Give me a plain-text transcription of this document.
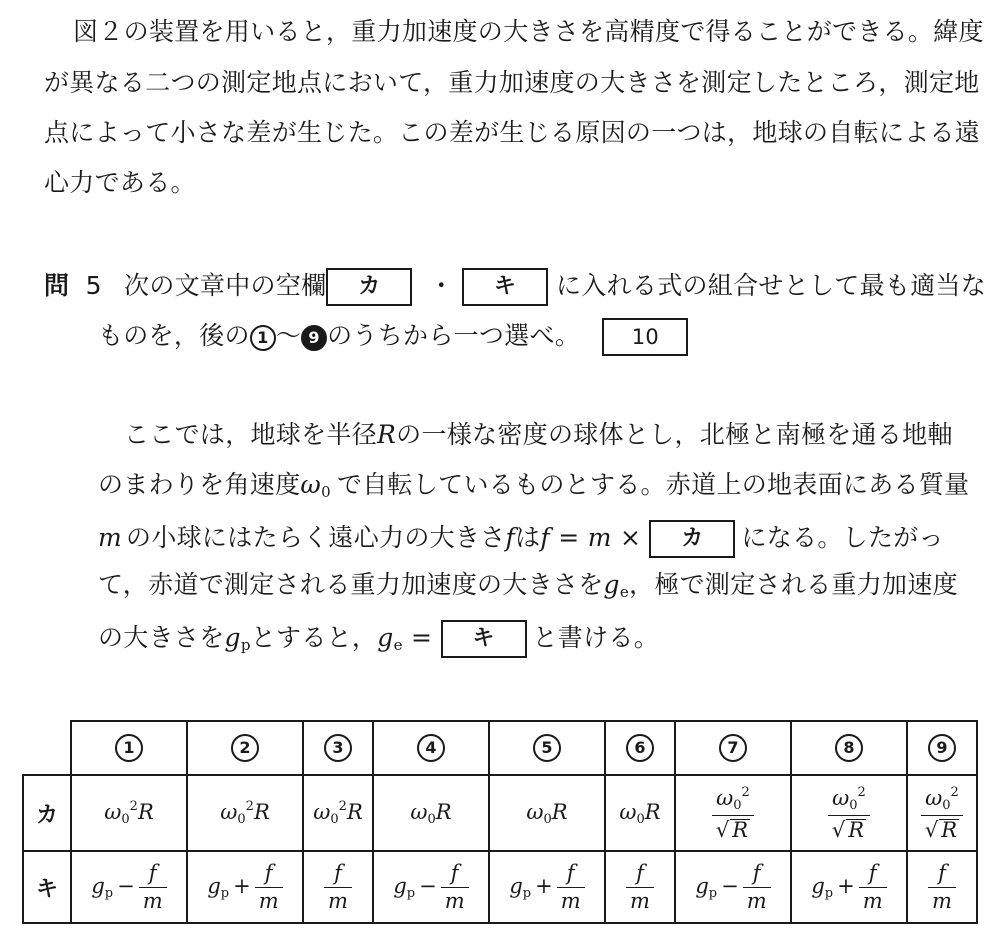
図２の装置を用いると，重力加速度の大きさを高精度で得ることができる。緯度
が異なる二つの測定地点において，重力加速度の大きさを測定したところ，測定地
点によって小さな差が生じた。この差が生じる原因の一つは，地球の自転による遠
心力である。
問 5 次の文章中の空欄 カ ・ キ に入れる式の組合せとして最も適当な
ものを，後の 1 〜 9 のうちから一つ選べ。 10
ここでは，地球を半径Rの一様な密度の球体とし，北極と南極を通る地軸
のまわりを角速度$\omega_0$ で自転しているものとする。赤道上の地表面にある質量
m の小球にはたらく遠心力の大きさfはf = m × カ になる。したがっ
て，赤道で測定される重力加速度の大きさを$g_e$，極で測定される重力加速度
の大きさを$g_p$とすると，$g_e$ = キ と書ける。
	1	2	3	4	5	6	7	8	9
カ	$\omega 0^2R$	$\omega 0^2R$	$\omega 0^2R$	ω0R	ω0R	ω0R	$\frac{\omega 0^2}{√ R}$	$\frac{\omega 0^2}{√ R}$	$\frac{\omega 0^2}{√ R}$

キ	gp − $\frac{f}{m}$	gp + $\frac{f}{m}$	$\frac{f}{m}$	gp − $\frac{f}{m}$	gp + $\frac{f}{m}$	$\frac{f}{m}$	gp − $\frac{f}{m}$	gp + $\frac{f}{m}$	$\frac{f}{m}$
